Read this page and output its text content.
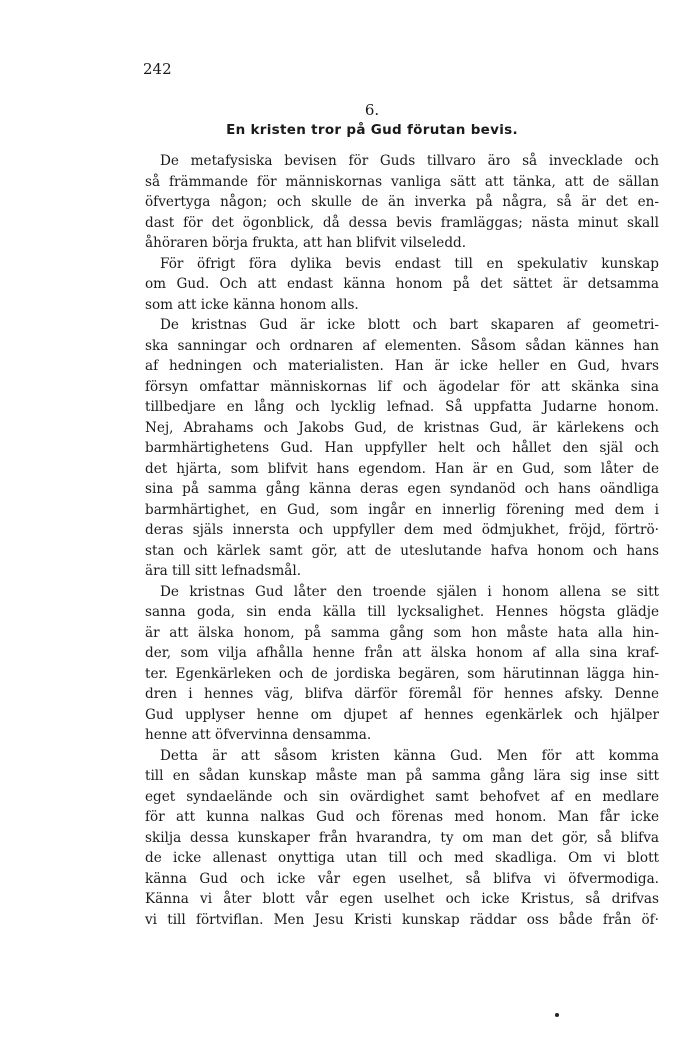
242
6.
En kristen tror på Gud förutan bevis.
De metafysiska bevisen för Guds tillvaro äro så invecklade och
så främmande för människornas vanliga sätt att tänka, att de sällan
öfvertyga någon; och skulle de än inverka på några, så är det en-
dast för det ögonblick, då dessa bevis framläggas; nästa minut skall
åhöraren börja frukta, att han blifvit vilseledd.
För öfrigt föra dylika bevis endast till en spekulativ kunskap
om Gud. Och att endast känna honom på det sättet är detsamma
som att icke känna honom alls.
De kristnas Gud är icke blott och bart skaparen af geometri-
ska sanningar och ordnaren af elementen. Såsom sådan kännes han
af hedningen och materialisten. Han är icke heller en Gud, hvars
försyn omfattar människornas lif och ägodelar för att skänka sina
tillbedjare en lång och lycklig lefnad. Så uppfatta Judarne honom.
Nej, Abrahams och Jakobs Gud, de kristnas Gud, är kärlekens och
barmhärtighetens Gud. Han uppfyller helt och hållet den själ och
det hjärta, som blifvit hans egendom. Han är en Gud, som låter de
sina på samma gång känna deras egen syndanöd och hans oändliga
barmhärtighet, en Gud, som ingår en innerlig förening med dem i
deras själs innersta och uppfyller dem med ödmjukhet, fröjd, förtrö·
stan och kärlek samt gör, att de uteslutande hafva honom och hans
ära till sitt lefnadsmål.
De kristnas Gud låter den troende själen i honom allena se sitt
sanna goda, sin enda källa till lycksalighet. Hennes högsta glädje
är att älska honom, på samma gång som hon måste hata alla hin-
der, som vilja afhålla henne från att älska honom af alla sina kraf-
ter. Egenkärleken och de jordiska begären, som härutinnan lägga hin-
dren i hennes väg, blifva därför föremål för hennes afsky. Denne
Gud upplyser henne om djupet af hennes egenkärlek och hjälper
henne att öfvervinna densamma.
Detta är att såsom kristen känna Gud. Men för att komma
till en sådan kunskap måste man på samma gång lära sig inse sitt
eget syndaelände och sin ovärdighet samt behofvet af en medlare
för att kunna nalkas Gud och förenas med honom. Man får icke
skilja dessa kunskaper från hvarandra, ty om man det gör, så blifva
de icke allenast onyttiga utan till och med skadliga. Om vi blott
känna Gud och icke vår egen uselhet, så blifva vi öfvermodiga.
Känna vi åter blott vår egen uselhet och icke Kristus, så drifvas
vi till förtviflan. Men Jesu Kristi kunskap räddar oss både från öf·
